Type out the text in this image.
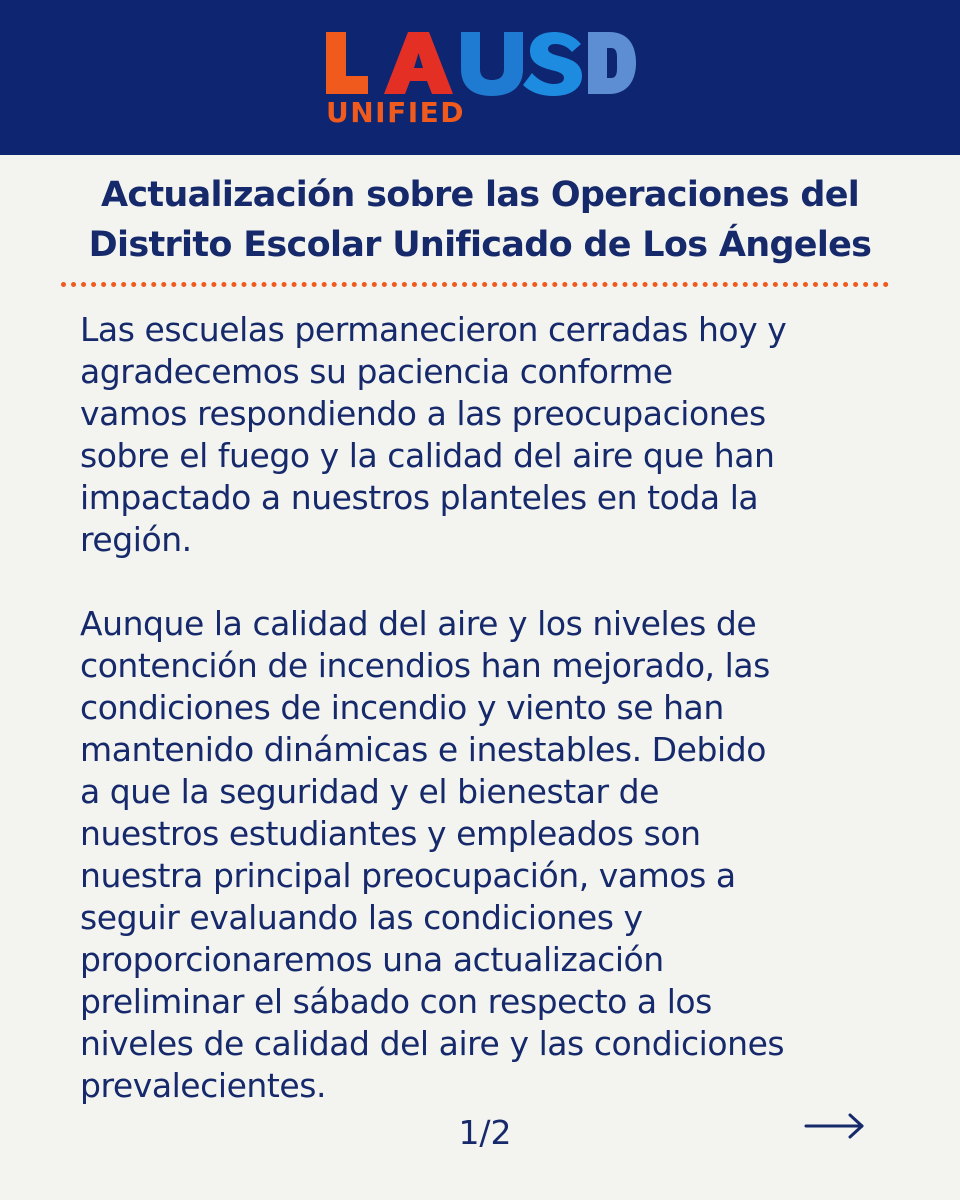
UNIFIED
Actualización sobre las Operaciones del
Distrito Escolar Unificado de Los Ángeles
Las escuelas permanecieron cerradas hoy y
agradecemos su paciencia conforme
vamos respondiendo a las preocupaciones
sobre el fuego y la calidad del aire que han
impactado a nuestros planteles en toda la
región.
Aunque la calidad del aire y los niveles de
contención de incendios han mejorado, las
condiciones de incendio y viento se han
mantenido dinámicas e inestables. Debido
a que la seguridad y el bienestar de
nuestros estudiantes y empleados son
nuestra principal preocupación, vamos a
seguir evaluando las condiciones y
proporcionaremos una actualización
preliminar el sábado con respecto a los
niveles de calidad del aire y las condiciones
prevalecientes.
1/2
